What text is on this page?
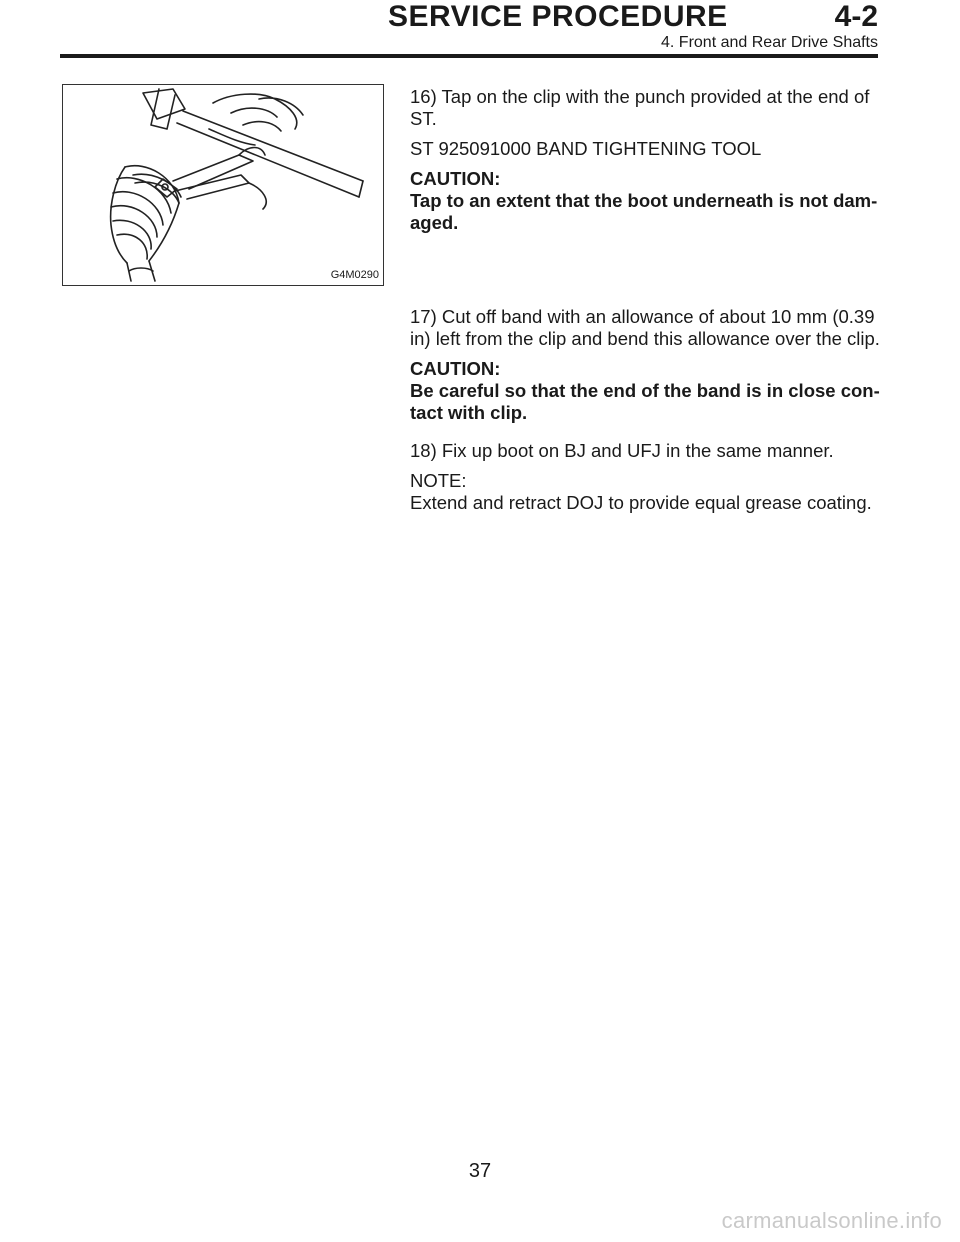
SERVICE PROCEDURE	4-2
4. Front and Rear Drive Shafts
G4M0290

16) Tap on the clip with the punch provided at the end of ST.

ST 925091000 BAND TIGHTENING TOOL

CAUTION:

Tap to an extent that the boot underneath is not dam-aged.

17) Cut off band with an allowance of about 10 mm (0.39 in) left from the clip and bend this allowance over the clip.

CAUTION:

Be careful so that the end of the band is in close con-tact with clip.

18) Fix up boot on BJ and UFJ in the same manner.

NOTE:

Extend and retract DOJ to provide equal grease coating.

37
carmanualsonline.info
